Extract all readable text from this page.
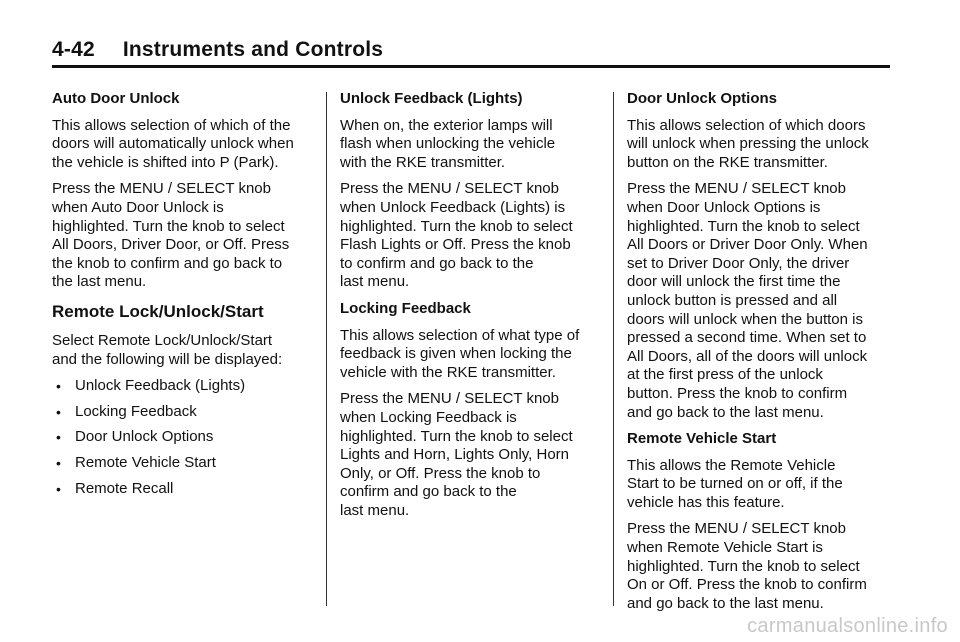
4-42 Instruments and Controls
Auto Door Unlock

This allows selection of which of the
doors will automatically unlock when
the vehicle is shifted into P (Park).

Press the MENU / SELECT knob
when Auto Door Unlock is
highlighted. Turn the knob to select
All Doors, Driver Door, or Off. Press
the knob to confirm and go back to
the last menu.

Remote Lock/Unlock/Start

Select Remote Lock/Unlock/Start
and the following will be displayed:

• Unlock Feedback (Lights)
• Locking Feedback
• Door Unlock Options
• Remote Vehicle Start
• Remote Recall
Unlock Feedback (Lights)

When on, the exterior lamps will
flash when unlocking the vehicle
with the RKE transmitter.

Press the MENU / SELECT knob
when Unlock Feedback (Lights) is
highlighted. Turn the knob to select
Flash Lights or Off. Press the knob
to confirm and go back to the
last menu.

Locking Feedback

This allows selection of what type of
feedback is given when locking the
vehicle with the RKE transmitter.

Press the MENU / SELECT knob
when Locking Feedback is
highlighted. Turn the knob to select
Lights and Horn, Lights Only, Horn
Only, or Off. Press the knob to
confirm and go back to the
last menu.

Door Unlock Options

This allows selection of which doors
will unlock when pressing the unlock
button on the RKE transmitter.

Press the MENU / SELECT knob
when Door Unlock Options is
highlighted. Turn the knob to select
All Doors or Driver Door Only. When
set to Driver Door Only, the driver
door will unlock the first time the
unlock button is pressed and all
doors will unlock when the button is
pressed a second time. When set to
All Doors, all of the doors will unlock
at the first press of the unlock
button. Press the knob to confirm
and go back to the last menu.

Remote Vehicle Start

This allows the Remote Vehicle
Start to be turned on or off, if the
vehicle has this feature.

Press the MENU / SELECT knob
when Remote Vehicle Start is
highlighted. Turn the knob to select
On or Off. Press the knob to confirm
and go back to the last menu.

carmanualsonline.info
